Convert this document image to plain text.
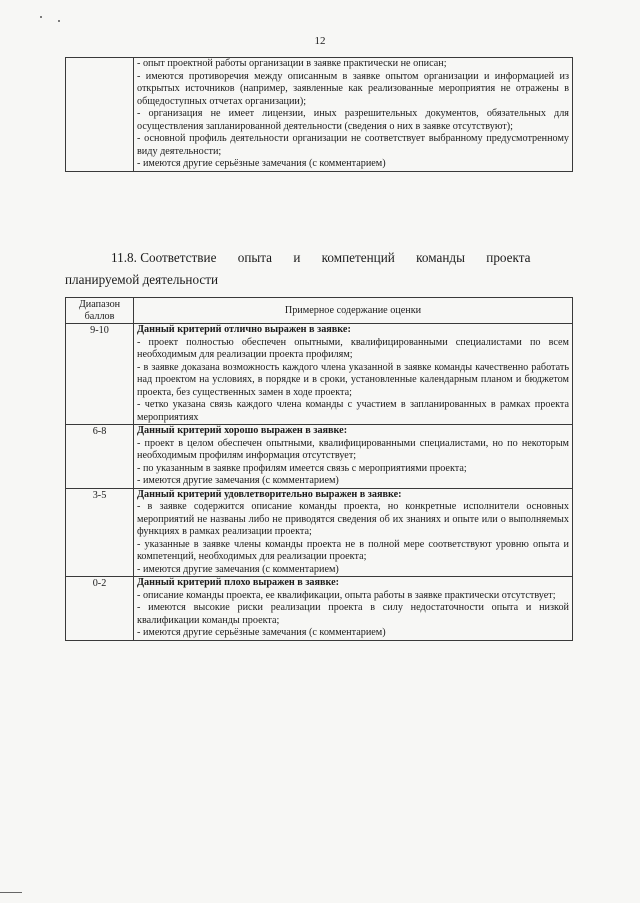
12

- опыт проектной работы организации в заявке практически не описан;
- имеются противоречия между описанным в заявке опытом организации и информацией из открытых источников (например, заявленные как реализованные мероприятия не отражены в общедоступных отчетах организации);
- организация не имеет лицензии, иных разрешительных документов, обязательных для осуществления запланированной деятельности (сведения о них в заявке отсутствуют);
- основной профиль деятельности организации не соответствует выбранному предусмотренному виду деятельности;
- имеются другие серьёзные замечания (с комментарием)
11.8. Соответствие опыта и компетенций команды проекта
планируемой деятельности
Диапазон баллов	Примерное содержание оценки
9-10	Данный критерий отлично выражен в заявке:
- проект полностью обеспечен опытными, квалифицированными специалистами по всем необходимым для реализации проекта профилям;
- в заявке доказана возможность каждого члена указанной в заявке команды качественно работать над проектом на условиях, в порядке и в сроки, установленные календарным планом и бюджетом проекта, без существенных замен в ходе проекта;
- четко указана связь каждого члена команды с участием в запланированных в рамках проекта мероприятиях

6-8	Данный критерий хорошо выражен в заявке:
- проект в целом обеспечен опытными, квалифицированными специалистами, но по некоторым необходимым профилям информация отсутствует;
- по указанным в заявке профилям имеется связь с мероприятиями проекта;
- имеются другие замечания (с комментарием)

3-5	Данный критерий удовлетворительно выражен в заявке:
- в заявке содержится описание команды проекта, но конкретные исполнители основных мероприятий не названы либо не приводятся сведения об их знаниях и опыте или о выполняемых функциях в рамках реализации проекта;
- указанные в заявке члены команды проекта не в полной мере соответствуют уровню опыта и компетенций, необходимых для реализации проекта;
- имеются другие замечания (с комментарием)

0-2	Данный критерий плохо выражен в заявке:
- описание команды проекта, ее квалификации, опыта работы в заявке практически отсутствует;
- имеются высокие риски реализации проекта в силу недостаточности опыта и низкой квалификации команды проекта;
- имеются другие серьёзные замечания (с комментарием)
